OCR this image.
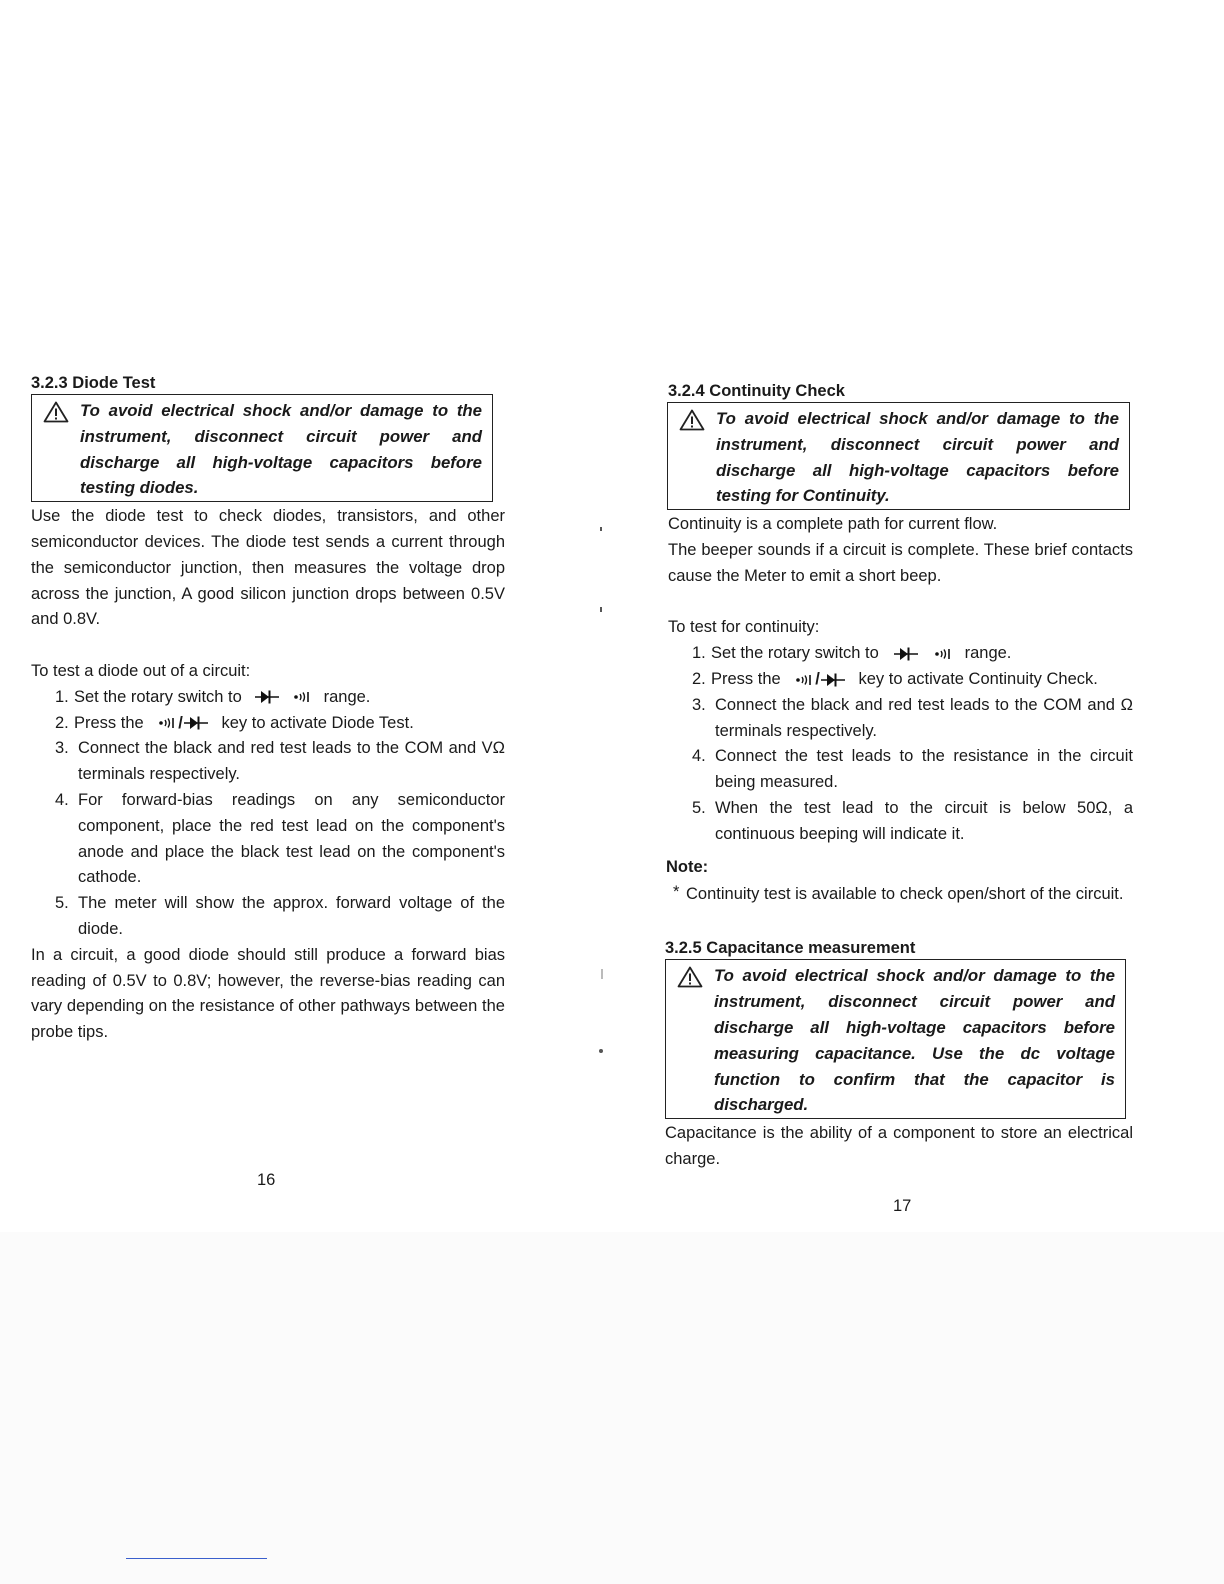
3.2.3 Diode Test
To avoid electrical shock and/or damage to the instrument, disconnect circuit power and discharge all high-voltage capacitors before testing diodes.
Use the diode test to check diodes, transistors, and other semiconductor devices. The diode test sends a current through the semiconductor junction, then measures the voltage drop across the junction, A good silicon junction drops between 0.5V and 0.8V.
To test a diode out of a circuit:
1. Set the rotary switch to	range.
2. Press the / key to activate Diode Test.
3. Connect the black and red test leads to the COM and VΩ terminals respectively.
4. For forward-bias readings on any semiconductor component, place the red test lead on the component's anode and place the black test lead on the component's cathode.
5. The meter will show the approx. forward voltage of the diode.
In a circuit, a good diode should still produce a forward bias reading of 0.5V to 0.8V; however, the reverse-bias reading can vary depending on the resistance of other pathways between the probe tips.
16
3.2.4 Continuity Check
To avoid electrical shock and/or damage to the instrument, disconnect circuit power and discharge all high-voltage capacitors before testing for Continuity.
Continuity is a complete path for current flow.
The beeper sounds if a circuit is complete. These brief contacts cause the Meter to emit a short beep.
To test for continuity:
1. Set the rotary switch to	range.
2. Press the / key to activate Continuity Check.
3. Connect the black and red test leads to the COM and Ω terminals respectively.
4. Connect the test leads to the resistance in the circuit being measured.
5. When the test lead to the circuit is below 50Ω, a continuous beeping will indicate it.
Note:
* Continuity test is available to check open/short of the circuit.
3.2.5 Capacitance measurement
To avoid electrical shock and/or damage to the instrument, disconnect circuit power and discharge all high-voltage capacitors before measuring capacitance. Use the dc voltage function to confirm that the capacitor is discharged.
Capacitance is the ability of a component to store an electrical charge.
17
